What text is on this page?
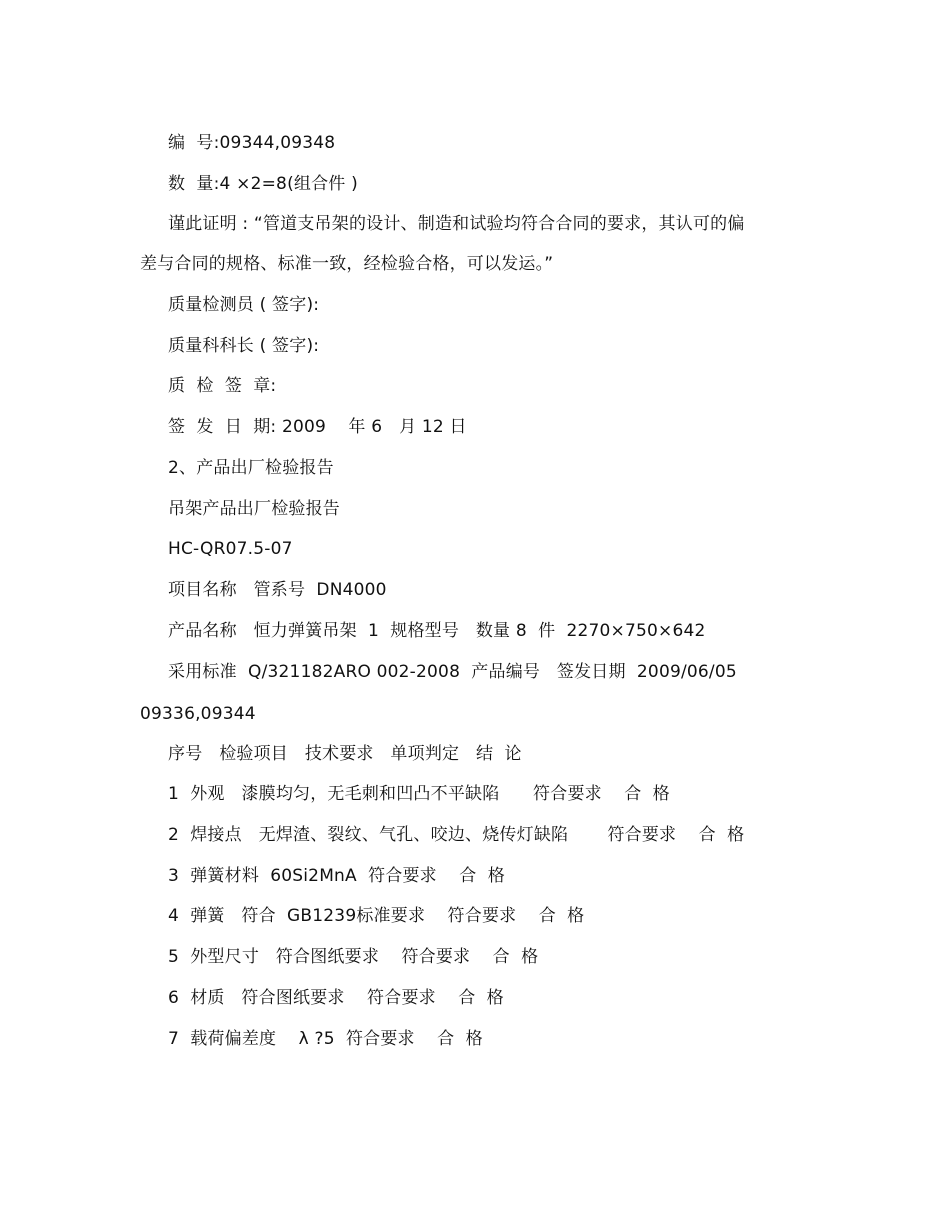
编  号:09344,09348

数  量:4 ×2=8(组合件 )

谨此证明 : “管道支吊架的设计、制造和试验均符合合同的要求，其认可的偏

差与合同的规格、标准一致，经检验合格，可以发运。”

质量检测员 ( 签字):

质量科科长 ( 签字):

质  检  签  章:

签  发  日  期: 2009    年 6   月 12 日

2、产品出厂检验报告

吊架产品出厂检验报告

HC-QR07.5-07

项目名称   管系号  DN4000

产品名称   恒力弹簧吊架  1  规格型号   数量 8  件  2270×750×642

采用标准  Q/321182ARO 002-2008  产品编号   签发日期  2009/06/05

09336,09344

序号   检验项目   技术要求   单项判定   结  论

1  外观   漆膜均匀，无毛刺和凹凸不平缺陷      符合要求    合  格

2  焊接点   无焊渣、裂纹、气孔、咬边、烧传灯缺陷       符合要求    合  格

3  弹簧材料  60Si2MnA  符合要求    合  格

4  弹簧   符合  GB1239标准要求    符合要求    合  格

5  外型尺寸   符合图纸要求    符合要求    合  格

6  材质   符合图纸要求    符合要求    合  格

7  载荷偏差度    λ ?5  符合要求    合  格
